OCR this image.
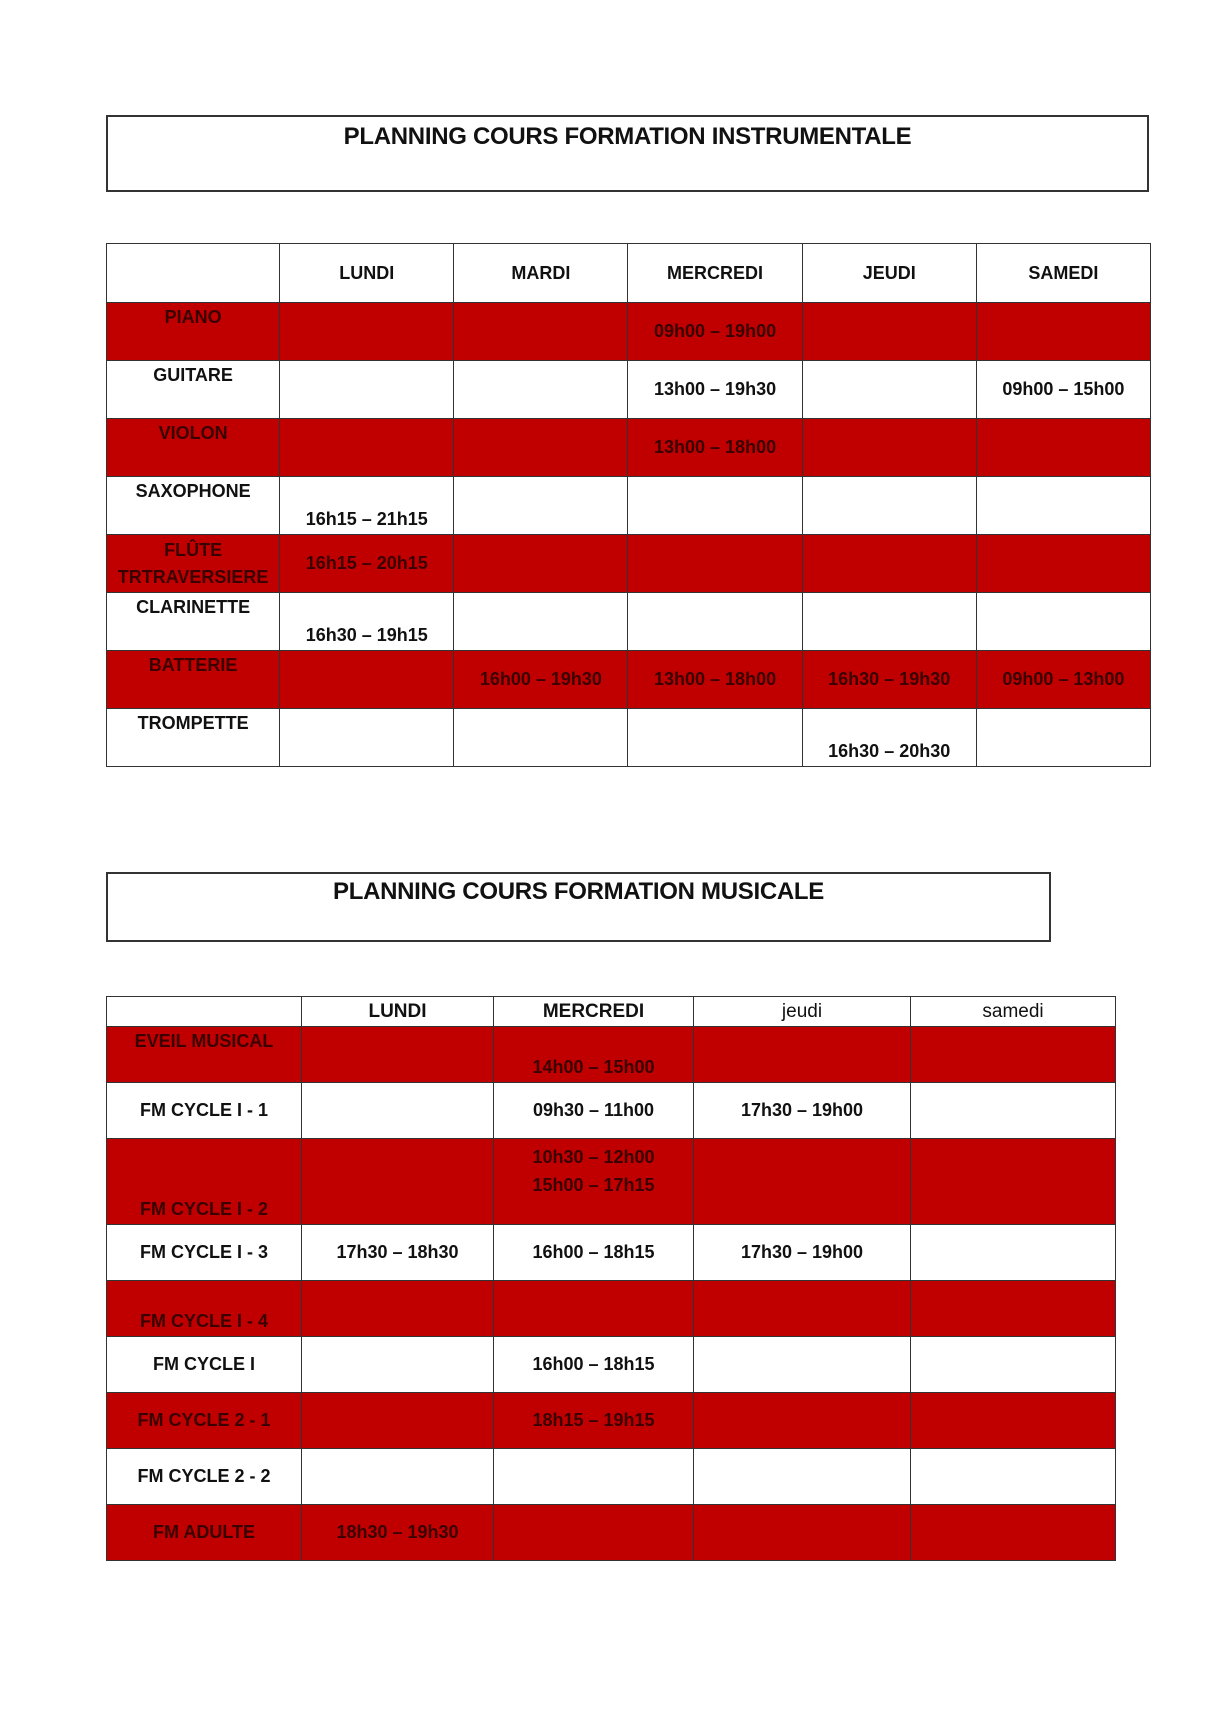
PLANNING COURS FORMATION INSTRUMENTALE
	LUNDI	MARDI	MERCREDI	JEUDI	SAMEDI
PIANO			09h00 – 19h00		
GUITARE			13h00 – 19h30		09h00 – 15h00
VIOLON			13h00 – 18h00		
SAXOPHONE	16h15 – 21h15				

FLÛTE
TRTRAVERSIERE	16h15 – 20h15				
CLARINETTE	16h30 – 19h15				
BATTERIE		16h00 – 19h30	13h00 – 18h00	16h30 – 19h30	09h00 – 13h00
TROMPETTE				16h30 – 20h30	
PLANNING COURS FORMATION MUSICALE
	LUNDI	MERCREDI	jeudi	samedi
EVEIL MUSICAL		14h00 – 15h00		
FM CYCLE I - 1		09h30 – 11h00	17h30 – 19h00	
FM CYCLE I - 2		10h30 – 12h00
15h00 – 17h15		

FM CYCLE I - 3	17h30 – 18h30	16h00 – 18h15	17h30 – 19h00	
FM CYCLE I - 4				
FM CYCLE I		16h00 – 18h15		
FM CYCLE 2 - 1		18h15 – 19h15		
FM CYCLE 2 - 2				
FM ADULTE	18h30 – 19h30			
